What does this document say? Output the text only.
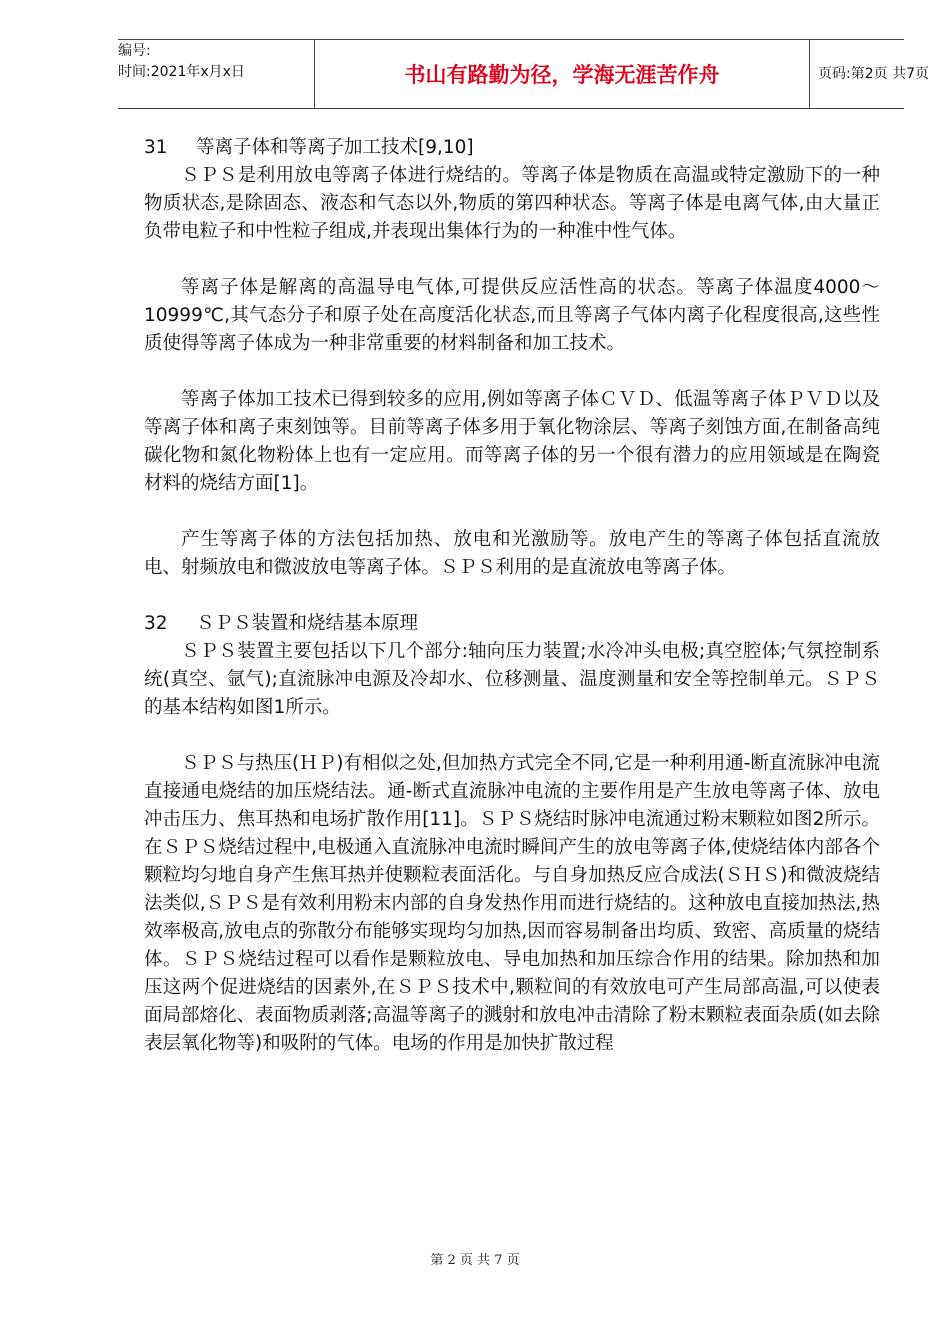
编号:
时间:2021年x月x日	书山有路勤为径，学海无涯苦作舟	页码:第2页 共7页
31 等离子体和等离子加工技术[9,10]

ＳＰＳ是利用放电等离子体进行烧结的。等离子体是物质在高温或特定激励下的一种物质状态,是除固态、液态和气态以外,物质的第四种状态。等离子体是电离气体,由大量正负带电粒子和中性粒子组成,并表现出集体行为的一种准中性气体。

等离子体是解离的高温导电气体,可提供反应活性高的状态。等离子体温度4000～10999℃,其气态分子和原子处在高度活化状态,而且等离子气体内离子化程度很高,这些性质使得等离子体成为一种非常重要的材料制备和加工技术。

等离子体加工技术已得到较多的应用,例如等离子体ＣＶＤ、低温等离子体ＰＶＤ以及等离子体和离子束刻蚀等。目前等离子体多用于氧化物涂层、等离子刻蚀方面,在制备高纯碳化物和氮化物粉体上也有一定应用。而等离子体的另一个很有潜力的应用领域是在陶瓷材料的烧结方面[1]。

产生等离子体的方法包括加热、放电和光激励等。放电产生的等离子体包括直流放电、射频放电和微波放电等离子体。ＳＰＳ利用的是直流放电等离子体。

32 ＳＰＳ装置和烧结基本原理

ＳＰＳ装置主要包括以下几个部分:轴向压力装置;水冷冲头电极;真空腔体;气氛控制系统(真空、氩气);直流脉冲电源及冷却水、位移测量、温度测量和安全等控制单元。ＳＰＳ的基本结构如图1所示。

ＳＰＳ与热压(ＨＰ)有相似之处,但加热方式完全不同,它是一种利用通-断直流脉冲电流直接通电烧结的加压烧结法。通-断式直流脉冲电流的主要作用是产生放电等离子体、放电冲击压力、焦耳热和电场扩散作用[11]。ＳＰＳ烧结时脉冲电流通过粉末颗粒如图2所示。在ＳＰＳ烧结过程中,电极通入直流脉冲电流时瞬间产生的放电等离子体,使烧结体内部各个颗粒均匀地自身产生焦耳热并使颗粒表面活化。与自身加热反应合成法(ＳＨＳ)和微波烧结法类似,ＳＰＳ是有效利用粉末内部的自身发热作用而进行烧结的。这种放电直接加热法,热效率极高,放电点的弥散分布能够实现均匀加热,因而容易制备出均质、致密、高质量的烧结体。ＳＰＳ烧结过程可以看作是颗粒放电、导电加热和加压综合作用的结果。除加热和加压这两个促进烧结的因素外,在ＳＰＳ技术中,颗粒间的有效放电可产生局部高温,可以使表面局部熔化、表面物质剥落;高温等离子的溅射和放电冲击清除了粉末颗粒表面杂质(如去除表层氧化物等)和吸附的气体。电场的作用是加快扩散过程

第 2 页 共 7 页
